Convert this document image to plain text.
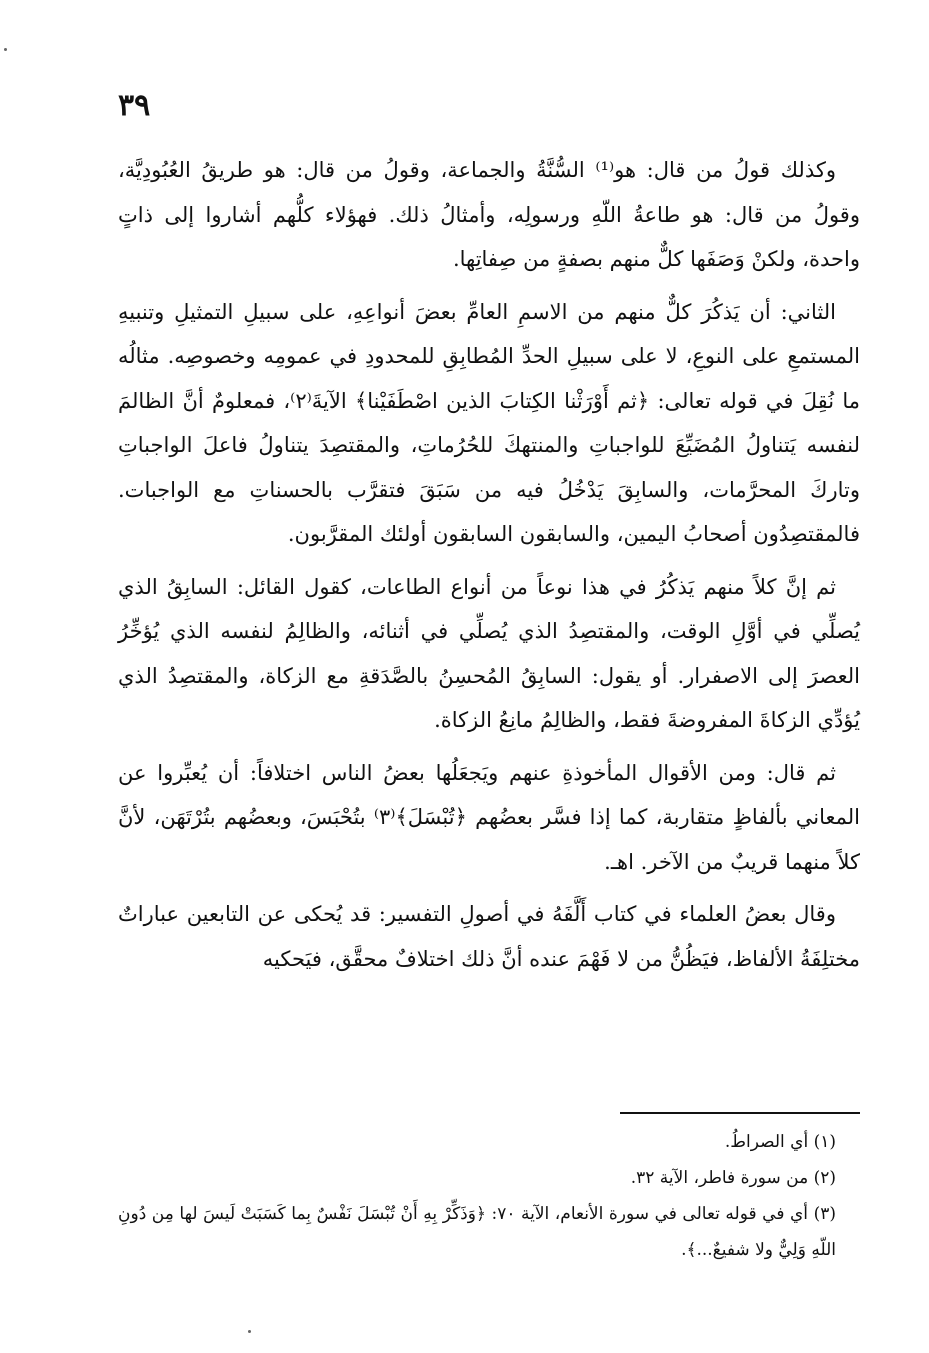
٣٩

وكذلك قولُ من قال: هو⁽¹⁾ السُّنَّةُ والجماعة، وقولُ من قال: هو طريقُ العُبُودِيَّة، وقولُ من قال: هو طاعةُ اللّهِ ورسولِه، وأمثالُ ذلك. فهؤلاء كلُّهم أشاروا إلى ذاتٍ واحدة، ولكنْ وَصَفَها كلٌّ منهم بصفةٍ من صِفاتِها.

الثاني: أن يَذكُرَ كلٌّ منهم من الاسمِ العامِّ بعضَ أنواعِهِ، على سبيلِ التمثيلِ وتنبيهِ المستمعِ على النوعِ، لا على سبيلِ الحدِّ المُطابِقِ للمحدودِ في عمومِه وخصوصِه. مثالُه ما نُقِلَ في قوله تعالى: ﴿ثم أَوْرَثْنا الكِتابَ الذين اصْطَفَيْنا﴾ الآيةَ⁽٢⁾، فمعلومٌ أنَّ الظالمَ لنفسه يَتناولُ المُضَيِّعَ للواجباتِ والمنتهكَ للحُرُماتِ، والمقتصِدَ يتناولُ فاعلَ الواجباتِ وتاركَ المحرَّمات، والسابِقَ يَدْخُلُ فيه من سَبَقَ فتقرَّب بالحسناتِ مع الواجبات. فالمقتصِدُون أصحابُ اليمين، والسابقون السابقون أولئك المقرَّبون.

ثم إنَّ كلاً منهم يَذكُرُ في هذا نوعاً من أنواع الطاعات، كقول القائل: السابِقُ الذي يُصلِّي في أوَّلِ الوقت، والمقتصِدُ الذي يُصلِّي في أثنائه، والظالِمُ لنفسه الذي يُؤخِّرُ العصرَ إلى الاصفرار. أو يقول: السابِقُ المُحسِنُ بالصَّدَقةِ مع الزكاة، والمقتصِدُ الذي يُؤدِّي الزكاةَ المفروضةَ فقط، والظالِمُ مانِعُ الزكاة.

ثم قال: ومن الأقوال المأخوذةِ عنهم ويَجعَلُها بعضُ الناس اختلافاً: أن يُعبِّروا عن المعاني بألفاظٍ متقاربة، كما إذا فسَّر بعضُهم ﴿تُبْسَلَ﴾⁽٣⁾ بتُحْبَسَ، وبعضُهم بتُرْتَهَن، لأنَّ كلاً منهما قريبٌ من الآخر. اهـ.

وقال بعضُ العلماء في كتاب أَلَّفَهُ في أصولِ التفسير: قد يُحكى عن التابعين عباراتٌ مختلِفَةُ الألفاظ، فيَظُنُّ من لا فَهْمَ عنده أنَّ ذلك اختلافٌ محقَّق، فيَحكيه

(١) أي الصراطُ.

(٢) من سورة فاطر، الآية ٣٢.

(٣) أي في قوله تعالى في سورة الأنعام، الآية ٧٠: ﴿وَذَكِّرْ بِهِ أَنْ تُبْسَلَ نَفْسٌ بِما كَسَبَتْ لَيسَ لها مِن دُونِ اللّهِ وَلِيٌّ ولا شفيعٌ...﴾.
